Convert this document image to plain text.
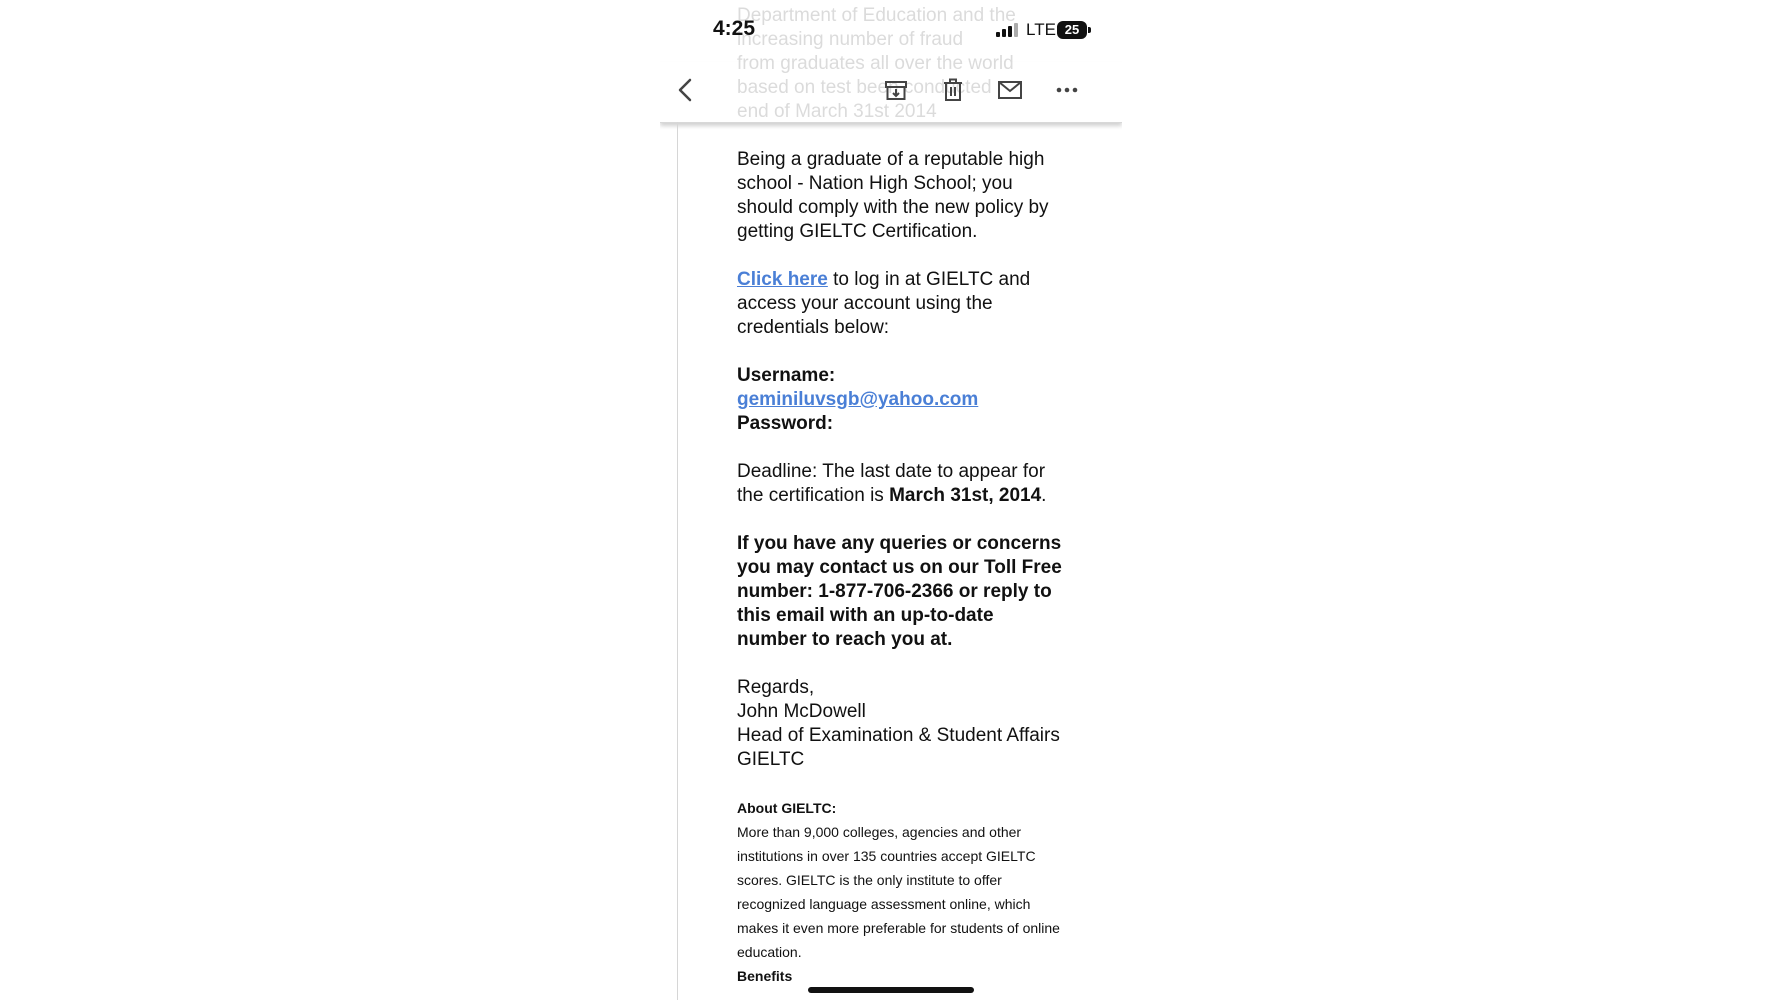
Department of Education and the
increasing number of fraud
from graduates all over the world
based on test been conducted
end of March 31st 2014
4:25	LTE 25

Being a graduate of a reputable high school - Nation High School; you should comply with the new policy by getting GIELTC Certification.

Click here to log in at GIELTC and access your account using the credentials below:

Username:
geminiluvsgb@yahoo.com
Password:

Deadline: The last date to appear for the certification is March 31st, 2014.

If you have any queries or concerns you may contact us on our Toll Free number: 1-877-706-2366 or reply to this email with an up-to-date number to reach you at.

Regards,
John McDowell
Head of Examination & Student Affairs
GIELTC

About GIELTC:
More than 9,000 colleges, agencies and other institutions in over 135 countries accept GIELTC scores. GIELTC is the only institute to offer recognized language assessment online, which makes it even more preferable for students of online education.
Benefits
